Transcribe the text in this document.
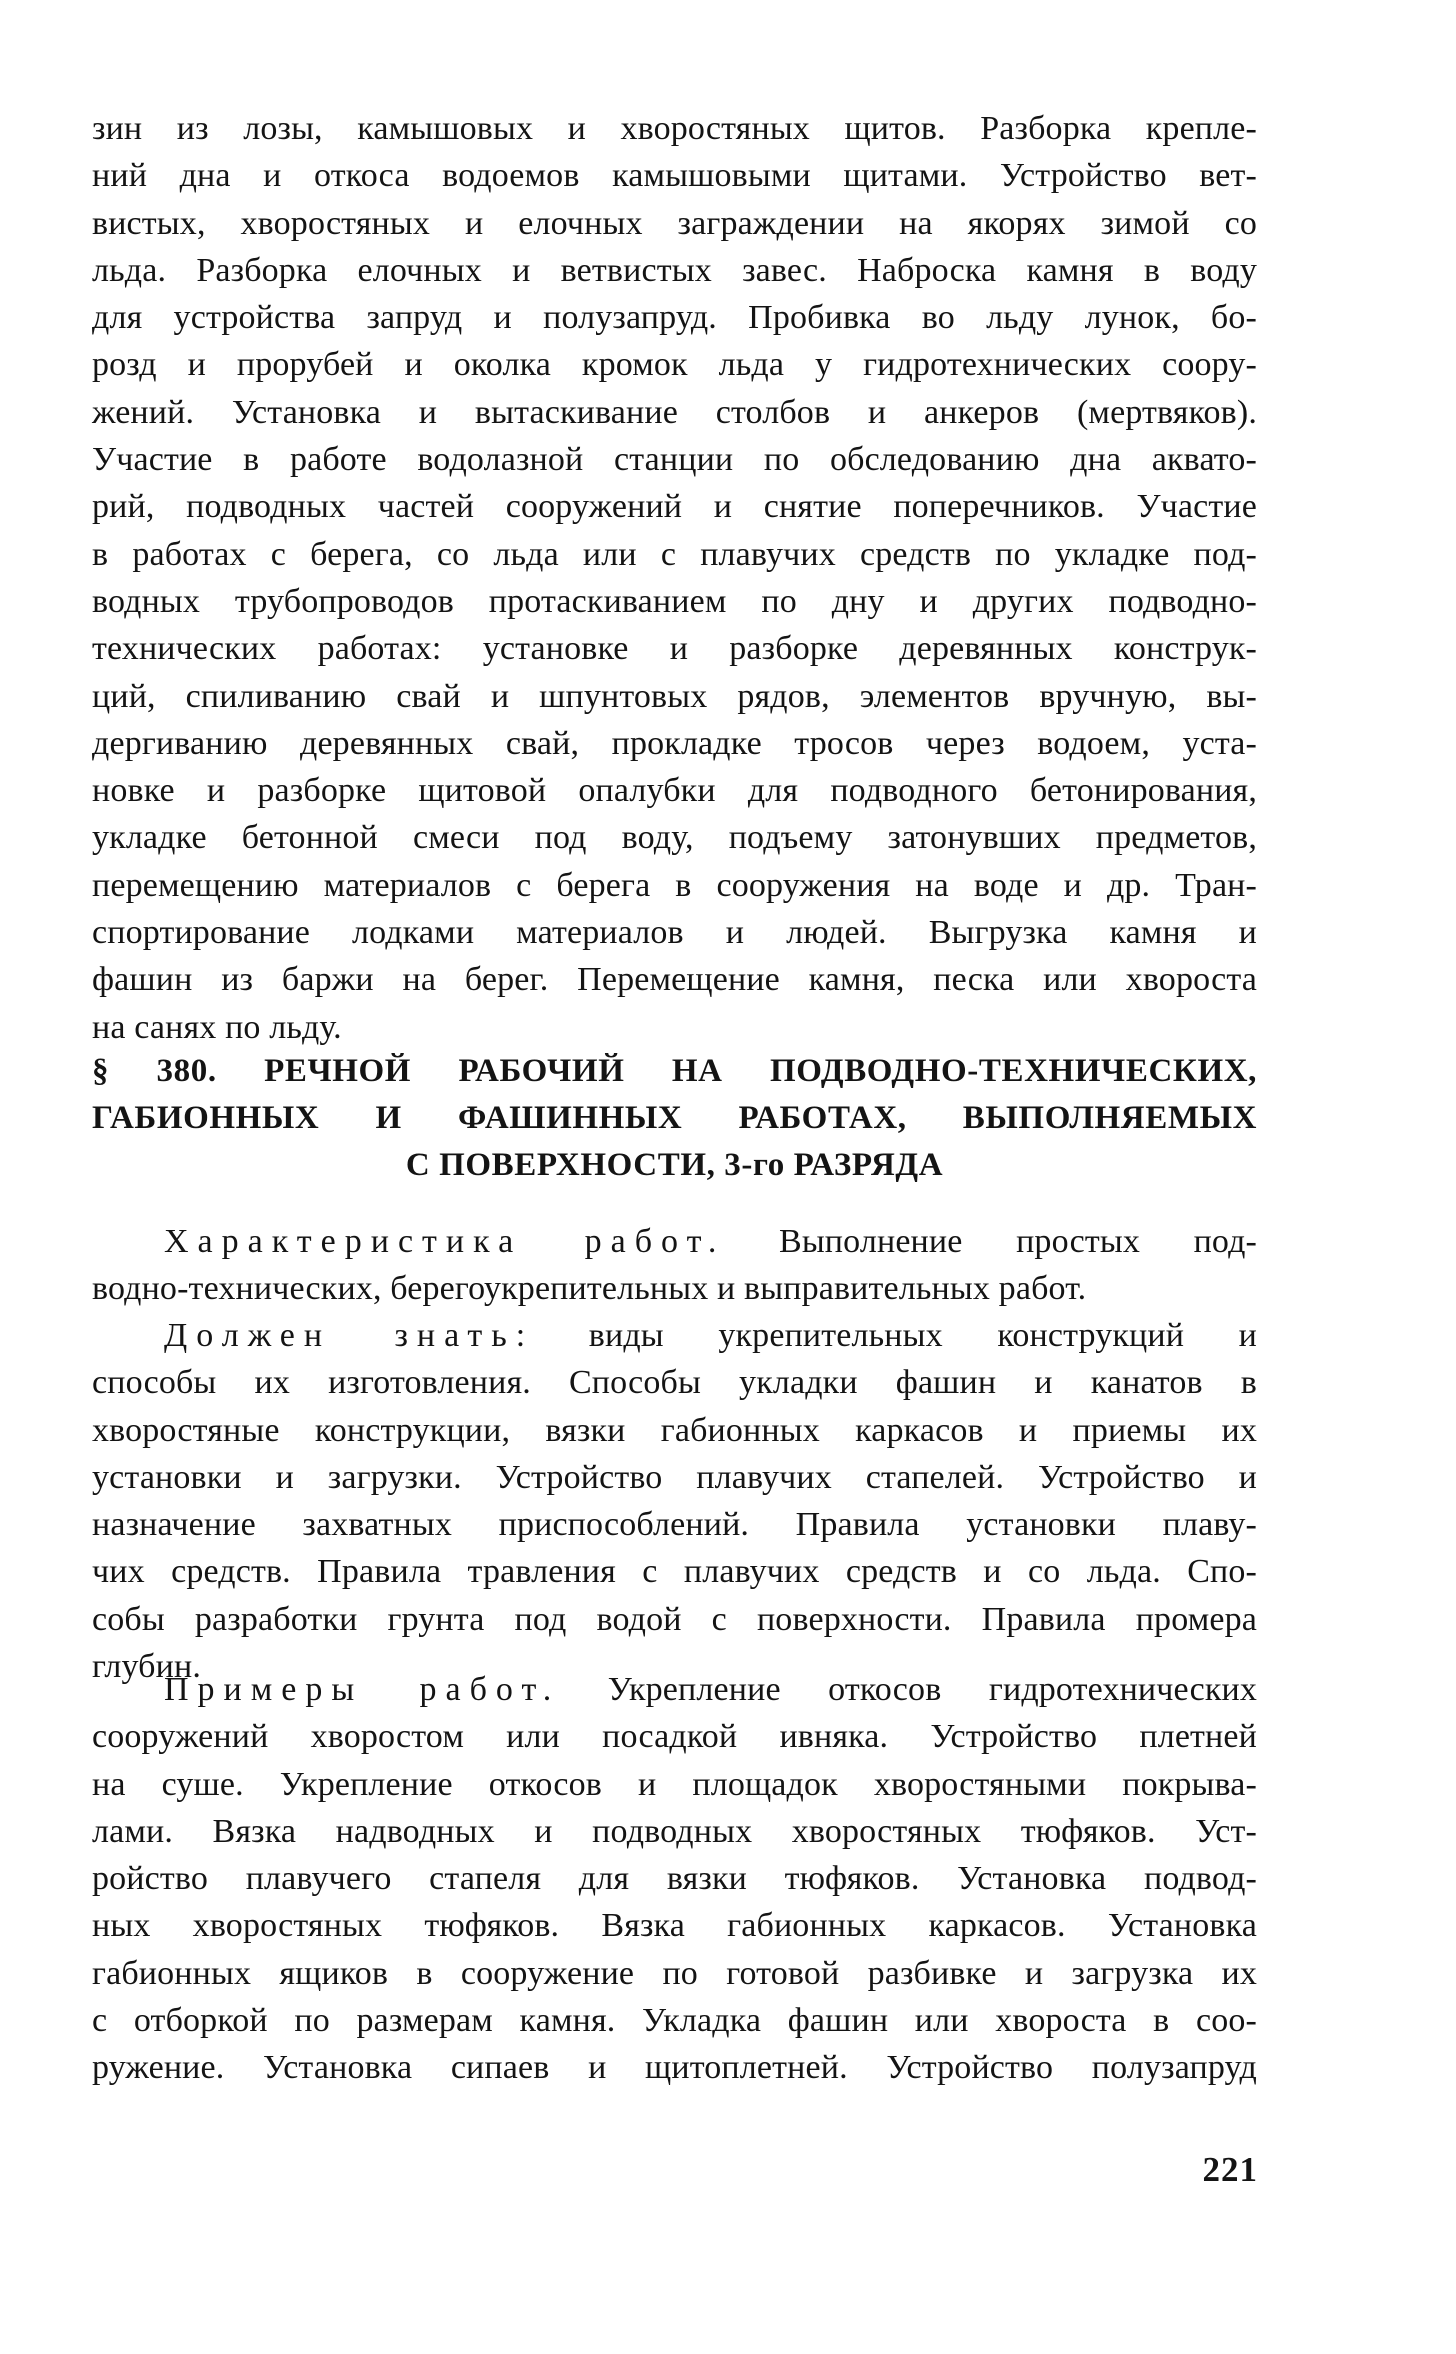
зин из лозы, камышовых и хворостяных щитов. Разборка крепле-
ний дна и откоса водоемов камышовыми щитами. Устройство вет-
вистых, хворостяных и елочных заграждении на якорях зимой со
льда. Разборка елочных и ветвистых завес. Наброска камня в воду
для устройства запруд и полузапруд. Пробивка во льду лунок, бо-
розд и прорубей и околка кромок льда у гидротехнических соору-
жений. Установка и вытаскивание столбов и анкеров (мертвяков).
Участие в работе водолазной станции по обследованию дна аквато-
рий, подводных частей сооружений и снятие поперечников. Участие
в работах с берега, со льда или с плавучих средств по укладке под-
водных трубопроводов протаскиванием по дну и других подводно-
технических работах: установке и разборке деревянных конструк-
ций, спиливанию свай и шпунтовых рядов, элементов вручную, вы-
дергиванию деревянных свай, прокладке тросов через водоем, уста-
новке и разборке щитовой опалубки для подводного бетонирования,
укладке бетонной смеси под воду, подъему затонувших предметов,
перемещению материалов с берега в сооружения на воде и др. Тран-
спортирование лодками материалов и людей. Выгрузка камня и
фашин из баржи на берег. Перемещение камня, песка или хвороста
на санях по льду.
§ 380. РЕЧНОЙ РАБОЧИЙ НА ПОДВОДНО-ТЕХНИЧЕСКИХ,
ГАБИОННЫХ И ФАШИННЫХ РАБОТАХ, ВЫПОЛНЯЕМЫХ
С ПОВЕРХНОСТИ, 3-го РАЗРЯДА
Характеристика работ. Выполнение простых под-
водно-технических, берегоукрепительных и выправительных работ.
Должен знать: виды укрепительных конструкций и
способы их изготовления. Способы укладки фашин и канатов в
хворостяные конструкции, вязки габионных каркасов и приемы их
установки и загрузки. Устройство плавучих стапелей. Устройство и
назначение захватных приспособлений. Правила установки плаву-
чих средств. Правила травления с плавучих средств и со льда. Спо-
собы разработки грунта под водой с поверхности. Правила промера
глубин.
Примеры работ. Укрепление откосов гидротехнических
сооружений хворостом или посадкой ивняка. Устройство плетней
на суше. Укрепление откосов и площадок хворостяными покрыва-
лами. Вязка надводных и подводных хворостяных тюфяков. Уст-
ройство плавучего стапеля для вязки тюфяков. Установка подвод-
ных хворостяных тюфяков. Вязка габионных каркасов. Установка
габионных ящиков в сооружение по готовой разбивке и загрузка их
с отборкой по размерам камня. Укладка фашин или хвороста в соо-
ружение. Установка сипаев и щитоплетней. Устройство полузапруд
221
